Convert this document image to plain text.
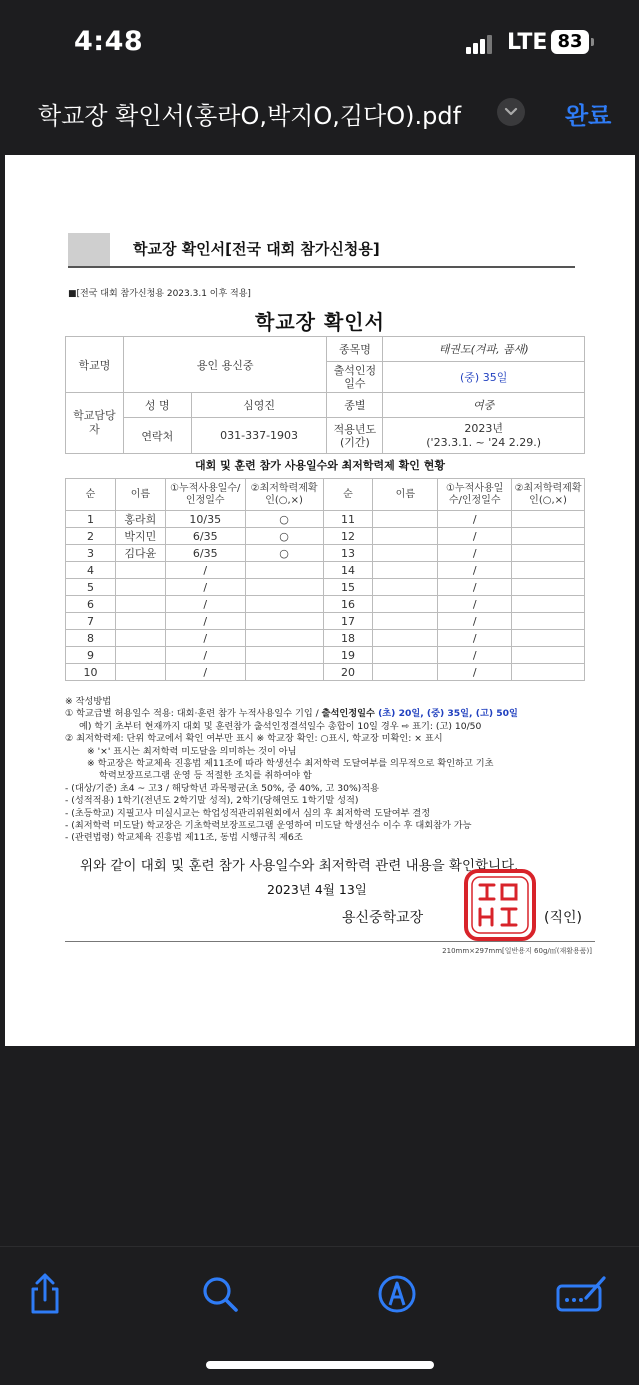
4:48	LTE 83
학교장 확인서(홍라O,박지O,김다O).pdf	완료
학교장 확인서[전국 대회 참가신청용]
■[전국 대회 참가신청용 2023.3.1 이후 적용]
학교장 확인서
학교명	용인 용신중		종목명	태권도(겨파, 품새)
			출석인정일수	(중) 35일
학교담당자	성 명	심영진	종별	여중
	연락처	031-337-1903	적용년도(기간)	2023년
('23.3.1. ~ '24 2.29.)
대회 및 훈련 참가 사용일수와 최저학력제 확인 현황
순	이름	①누적사용일수/인정일수	②최저학력제확인(○,×)	순	이름	①누적사용일수/인정일수	②최저학력제확인(○,×)
1	홍라희	10/35	○	11		/	
2	박지민	6/35	○	12		/	
3	김다윤	6/35	○	13		/	
4		/		14		/	
5		/		15		/	
6		/		16		/	
7		/		17		/	
8		/		18		/	
9		/		19		/	
10		/		20		/	
※ 작성방법
① 학교급별 허용일수 적용: 대회·훈련 참가 누적사용일수 기입 / 출석인정일수 (초) 20일, (중) 35일, (고) 50일
예) 학기 초부터 현재까지 대회 및 훈련참가 출석인정결석일수 총합이 10일 경우 ⇨ 표기: (고) 10/50
② 최저학력제: 단위 학교에서 확인 여부만 표시 ※ 학교장 확인: ○표시, 학교장 미확인: × 표시
※ '×' 표시는 최저학력 미도달을 의미하는 것이 아님
※ 학교장은 학교체육 진흥법 제11조에 따라 학생선수 최저학력 도달여부를 의무적으로 확인하고 기초
학력보장프로그램 운영 등 적절한 조치를 취하여야 함
- (대상/기준) 초4 ~ 고3 / 해당학년 과목평균(초 50%, 중 40%, 고 30%)적용
- (성적적용) 1학기(전년도 2학기말 성적), 2학기(당해연도 1학기말 성적)
- (초등학교) 지필고사 미실시교는 학업성적관리위원회에서 심의 후 최저학력 도달여부 결정
- (최저학력 미도달) 학교장은 기초학력보장프로그램 운영하여 미도달 학생선수 이수 후 대회참가 가능
- (관련법령) 학교체육 진흥법 제11조, 동법 시행규칙 제6조
위와 같이 대회 및 훈련 참가 사용일수와 최저학력 관련 내용을 확인합니다.
2023년 4월 13일
용신중학교장	(직인)
210mm×297mm[일반용지 60g/㎡(재활용품)]
